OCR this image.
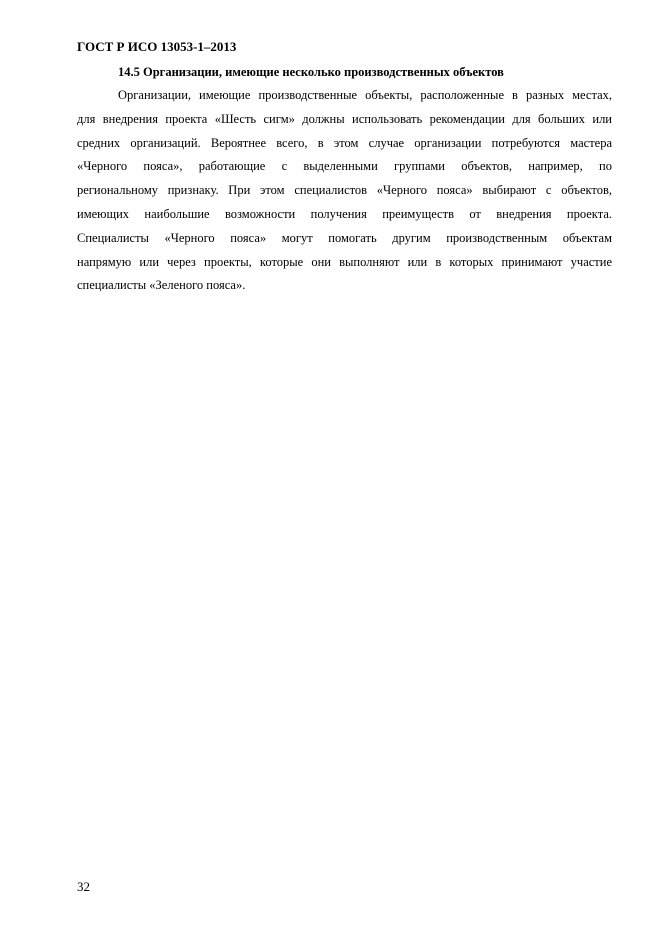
ГОСТ Р ИСО 13053-1–2013
14.5 Организации, имеющие несколько производственных объектов
Организации, имеющие производственные объекты, расположенные в разных местах,
для внедрения проекта «Шесть сигм» должны использовать рекомендации для больших или
средних организаций. Вероятнее всего, в этом случае организации потребуются мастера
«Черного пояса», работающие с выделенными группами объектов, например, по
региональному признаку. При этом специалистов «Черного пояса» выбирают с объектов,
имеющих наибольшие возможности получения преимуществ от внедрения проекта.
Специалисты «Черного пояса» могут помогать другим производственным объектам
напрямую или через проекты, которые они выполняют или в которых принимают участие
специалисты «Зеленого пояса».
32
